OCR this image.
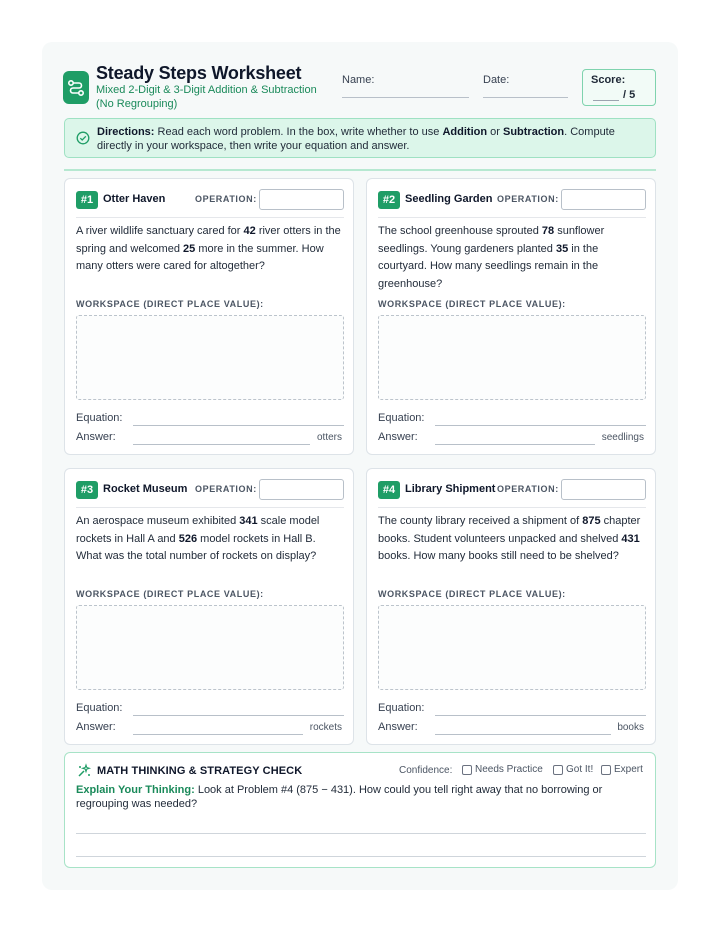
Steady Steps Worksheet
Mixed 2-Digit & 3-Digit Addition & Subtraction (No Regrouping)
Name:	Date:	Score:
/ 5
Directions: Read each word problem. In the box, write whether to use Addition or Subtraction. Compute directly in your workspace, then write your equation and answer.
#1 Otter Haven	OPERATION:
A river wildlife sanctuary cared for 42 river otters in the spring and welcomed 25 more in the summer. How many otters were cared for altogether?
WORKSPACE (DIRECT PLACE VALUE):
Equation:
Answer:	otters
#2 Seedling Garden OPERATION:
The school greenhouse sprouted 78 sunflower seedlings. Young gardeners planted 35 in the courtyard. How many seedlings remain in the greenhouse?
WORKSPACE (DIRECT PLACE VALUE):
Equation:
Answer:	seedlings
#3 Rocket Museum OPERATION:
An aerospace museum exhibited 341 scale model rockets in Hall A and 526 model rockets in Hall B. What was the total number of rockets on display?
WORKSPACE (DIRECT PLACE VALUE):
Equation:
Answer:	rockets
#4 Library Shipment OPERATION:
The county library received a shipment of 875 chapter books. Student volunteers unpacked and shelved 431 books. How many books still need to be shelved?
WORKSPACE (DIRECT PLACE VALUE):
Equation:
Answer:	books
MATH THINKING & STRATEGY CHECK	Confidence: Needs Practice Got It! Expert
Explain Your Thinking: Look at Problem #4 (875 − 431). How could you tell right away that no borrowing or regrouping was needed?
